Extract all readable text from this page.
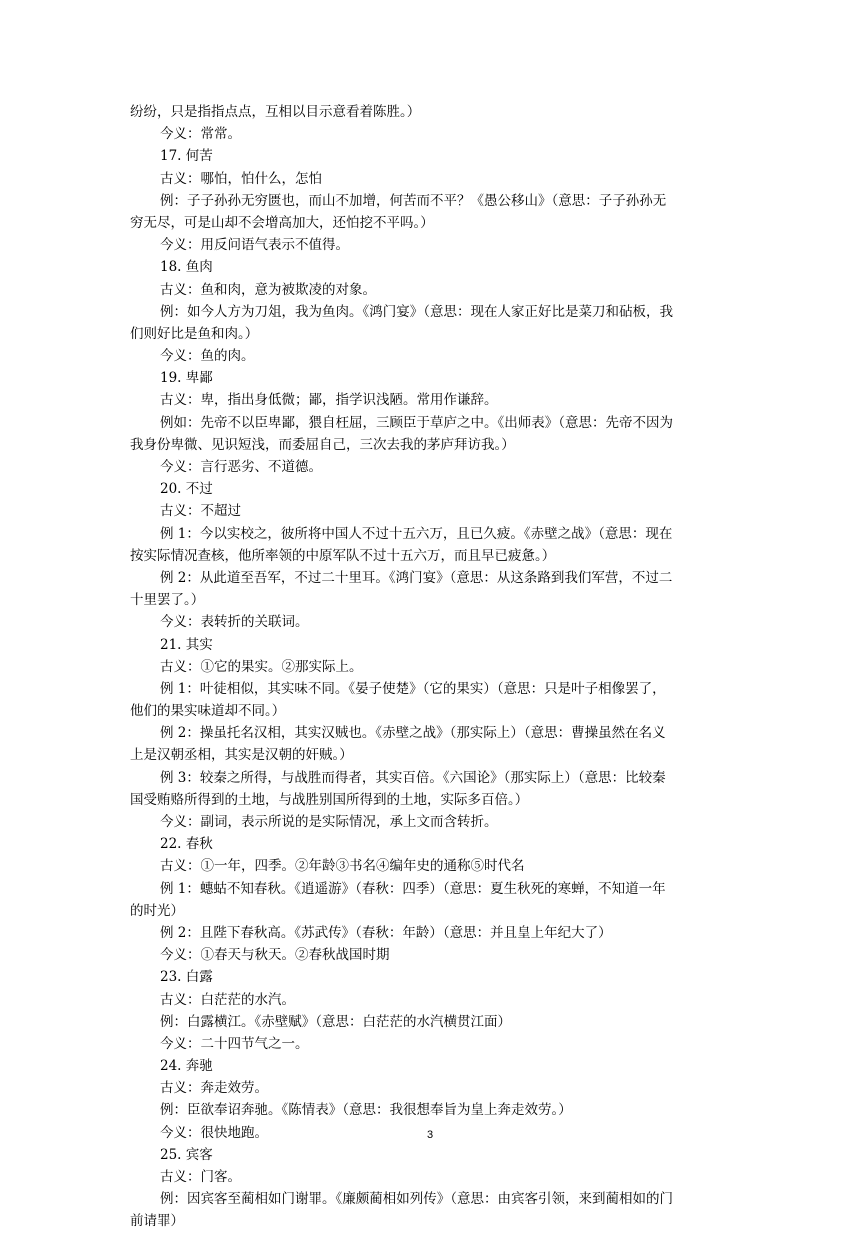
纷纷，只是指指点点，互相以目示意看着陈胜。）
今义：常常。
17. 何苦
古义：哪怕，怕什么，怎怕
例：子子孙孙无穷匮也，而山不加增，何苦而不平？《愚公移山》（意思：子子孙孙无
穷无尽，可是山却不会增高加大，还怕挖不平吗。）
今义：用反问语气表示不值得。
18. 鱼肉
古义：鱼和肉，意为被欺凌的对象。
例：如今人方为刀俎，我为鱼肉。《鸿门宴》（意思：现在人家正好比是菜刀和砧板，我
们则好比是鱼和肉。）
今义：鱼的肉。
19. 卑鄙
古义：卑，指出身低微；鄙，指学识浅陋。常用作谦辞。
例如：先帝不以臣卑鄙，猥自枉屈，三顾臣于草庐之中。《出师表》（意思：先帝不因为
我身份卑微、见识短浅，而委屈自己，三次去我的茅庐拜访我。）
今义：言行恶劣、不道德。
20. 不过
古义：不超过
例 1：今以实校之，彼所将中国人不过十五六万，且已久疲。《赤壁之战》（意思：现在
按实际情况查核，他所率领的中原军队不过十五六万，而且早已疲惫。）
例 2：从此道至吾军，不过二十里耳。《鸿门宴》（意思：从这条路到我们军营，不过二
十里罢了。）
今义：表转折的关联词。
21. 其实
古义：①它的果实。②那实际上。
例 1：叶徒相似，其实味不同。《晏子使楚》（它的果实）（意思：只是叶子相像罢了，
他们的果实味道却不同。）
例 2：操虽托名汉相，其实汉贼也。《赤壁之战》（那实际上）（意思：曹操虽然在名义
上是汉朝丞相，其实是汉朝的奸贼。）
例 3：较秦之所得，与战胜而得者，其实百倍。《六国论》（那实际上）（意思：比较秦
国受贿赂所得到的土地，与战胜别国所得到的土地，实际多百倍。）
今义：副词，表示所说的是实际情况，承上文而含转折。
22. 春秋
古义：①一年，四季。②年龄③书名④编年史的通称⑤时代名
例 1：蟪蛄不知春秋。《逍遥游》（春秋：四季）（意思：夏生秋死的寒蝉，不知道一年
的时光）
例 2：且陛下春秋高。《苏武传》（春秋：年龄）（意思：并且皇上年纪大了）
今义：①春天与秋天。②春秋战国时期
23. 白露
古义：白茫茫的水汽。
例：白露横江。《赤壁赋》（意思：白茫茫的水汽横贯江面）
今义：二十四节气之一。
24. 奔驰
古义：奔走效劳。
例：臣欲奉诏奔驰。《陈情表》（意思：我很想奉旨为皇上奔走效劳。）
今义：很快地跑。
25. 宾客
古义：门客。
例：因宾客至蔺相如门谢罪。《廉颇蔺相如列传》（意思：由宾客引领，来到蔺相如的门
前请罪）
3
